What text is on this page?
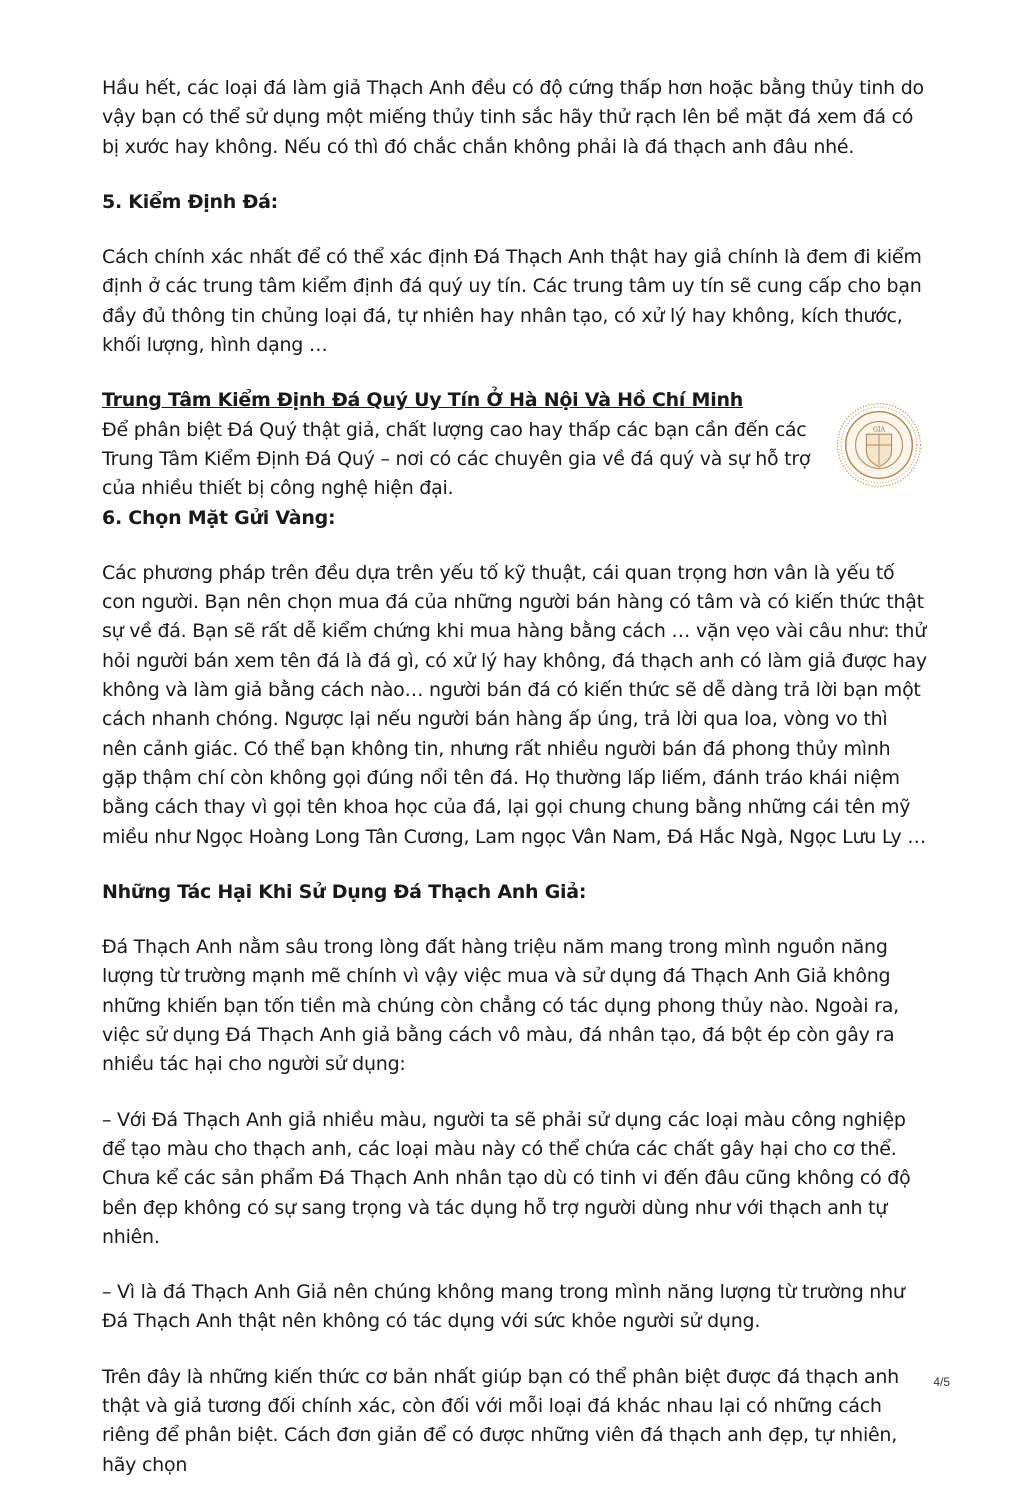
Hầu hết, các loại đá làm giả Thạch Anh đều có độ cứng thấp hơn hoặc bằng thủy tinh do vậy bạn có thể sử dụng một miếng thủy tinh sắc hãy thử rạch lên bề mặt đá xem đá có bị xước hay không. Nếu có thì đó chắc chắn không phải là đá thạch anh đâu nhé.

5. Kiểm Định Đá:

Cách chính xác nhất để có thể xác định Đá Thạch Anh thật hay giả chính là đem đi kiểm định ở các trung tâm kiểm định đá quý uy tín. Các trung tâm uy tín sẽ cung cấp cho bạn đầy đủ thông tin chủng loại đá, tự nhiên hay nhân tạo, có xử lý hay không, kích thước, khối lượng, hình dạng …

Trung Tâm Kiểm Định Đá Quý Uy Tín Ở Hà Nội Và Hồ Chí Minh
Để phân biệt Đá Quý thật giả, chất lượng cao hay thấp các bạn cần đến các Trung Tâm Kiểm Định Đá Quý – nơi có các chuyên gia về đá quý và sự hỗ trợ của nhiều thiết bị công nghệ hiện đại.
GIA

6. Chọn Mặt Gửi Vàng:

Các phương pháp trên đều dựa trên yếu tố kỹ thuật, cái quan trọng hơn vân là yếu tố con người. Bạn nên chọn mua đá của những người bán hàng có tâm và có kiến thức thật sự về đá. Bạn sẽ rất dễ kiểm chứng khi mua hàng bằng cách … vặn vẹo vài câu như: thử hỏi người bán xem tên đá là đá gì, có xử lý hay không, đá thạch anh có làm giả được hay không và làm giả bằng cách nào… người bán đá có kiến thức sẽ dễ dàng trả lời bạn một cách nhanh chóng. Ngược lại nếu người bán hàng ấp úng, trả lời qua loa, vòng vo thì nên cảnh giác. Có thể bạn không tin, nhưng rất nhiều người bán đá phong thủy mình gặp thậm chí còn không gọi đúng nổi tên đá. Họ thường lấp liếm, đánh tráo khái niệm bằng cách thay vì gọi tên khoa học của đá, lại gọi chung chung bằng những cái tên mỹ miều như Ngọc Hoàng Long Tân Cương, Lam ngọc Vân Nam, Đá Hắc Ngà, Ngọc Lưu Ly …

Những Tác Hại Khi Sử Dụng Đá Thạch Anh Giả:

Đá Thạch Anh nằm sâu trong lòng đất hàng triệu năm mang trong mình nguồn năng lượng từ trường mạnh mẽ chính vì vậy việc mua và sử dụng đá Thạch Anh Giả không những khiến bạn tốn tiền mà chúng còn chẳng có tác dụng phong thủy nào. Ngoài ra, việc sử dụng Đá Thạch Anh giả bằng cách vô màu, đá nhân tạo, đá bột ép còn gây ra nhiều tác hại cho người sử dụng:

– Với Đá Thạch Anh giả nhiều màu, người ta sẽ phải sử dụng các loại màu công nghiệp để tạo màu cho thạch anh, các loại màu này có thể chứa các chất gây hại cho cơ thể. Chưa kể các sản phẩm Đá Thạch Anh nhân tạo dù có tinh vi đến đâu cũng không có độ bền đẹp không có sự sang trọng và tác dụng hỗ trợ người dùng như với thạch anh tự nhiên.

– Vì là đá Thạch Anh Giả nên chúng không mang trong mình năng lượng từ trường như Đá Thạch Anh thật nên không có tác dụng với sức khỏe người sử dụng.

Trên đây là những kiến thức cơ bản nhất giúp bạn có thể phân biệt được đá thạch anh thật và giả tương đối chính xác, còn đối với mỗi loại đá khác nhau lại có những cách riêng để phân biệt. Cách đơn giản để có được những viên đá thạch anh đẹp, tự nhiên, hãy chọn

4/5
